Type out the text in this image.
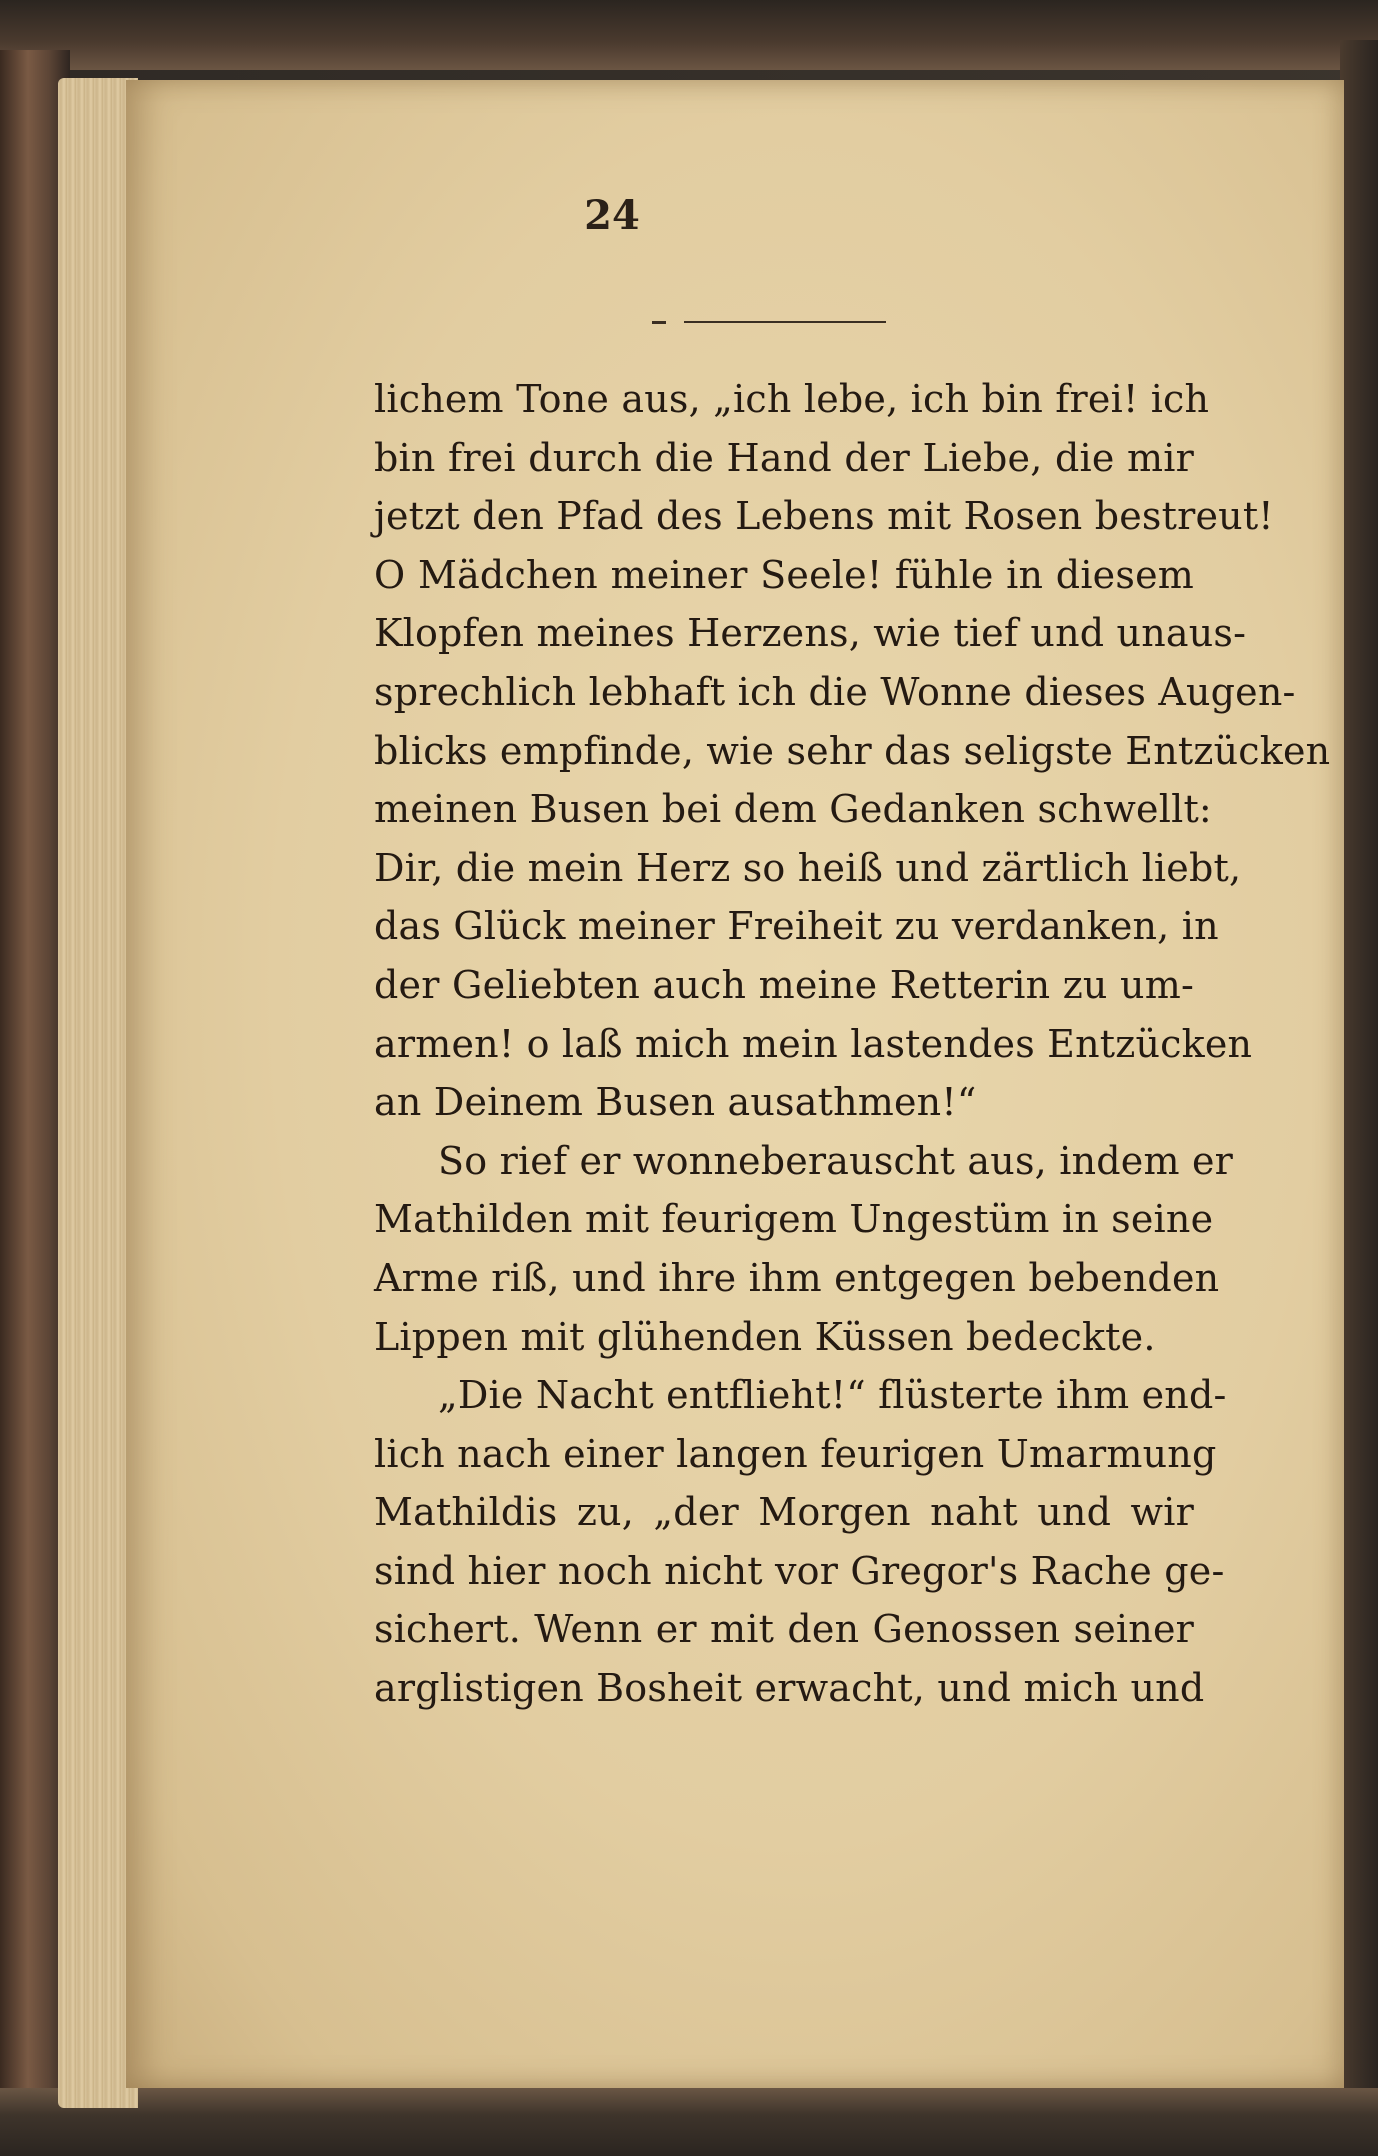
24
lichem Tone aus, „ich lebe, ich bin frei! ich
bin frei durch die Hand der Liebe, die mir
jetzt den Pfad des Lebens mit Rosen bestreut!
O Mädchen meiner Seele! fühle in diesem
Klopfen meines Herzens, wie tief und unaus-
sprechlich lebhaft ich die Wonne dieses Augen-
blicks empfinde, wie sehr das seligste Entzücken
meinen Busen bei dem Gedanken schwellt:
Dir, die mein Herz so heiß und zärtlich liebt,
das Glück meiner Freiheit zu verdanken, in
der Geliebten auch meine Retterin zu um-
armen! o laß mich mein lastendes Entzücken
an Deinem Busen ausathmen!“
So rief er wonneberauscht aus, indem er
Mathilden mit feurigem Ungestüm in seine
Arme riß, und ihre ihm entgegen bebenden
Lippen mit glühenden Küssen bedeckte.
„Die Nacht entflieht!“ flüsterte ihm end-
lich nach einer langen feurigen Umarmung
Mathildis zu, „der Morgen naht und wir
sind hier noch nicht vor Gregor's Rache ge-
sichert. Wenn er mit den Genossen seiner
arglistigen Bosheit erwacht, und mich und
